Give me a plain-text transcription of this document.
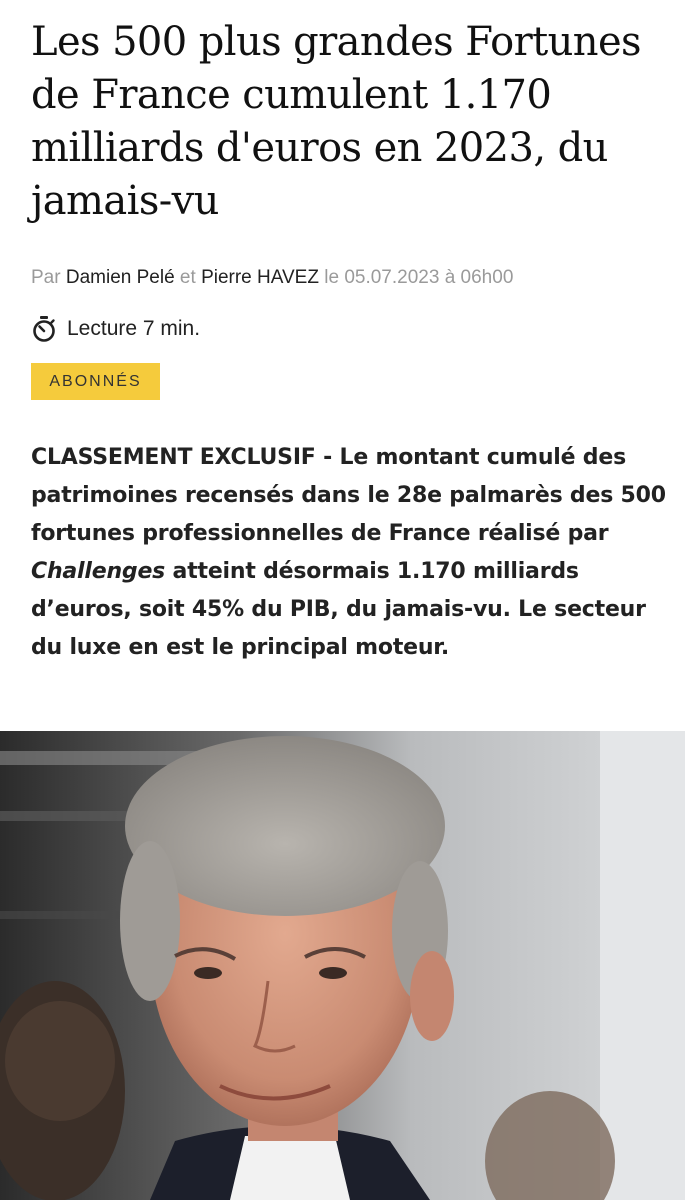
Les 500 plus grandes Fortunes de France cumulent 1.170 milliards d'euros en 2023, du jamais-vu
Par Damien Pelé et Pierre HAVEZ le 05.07.2023 à 06h00
Lecture 7 min.
ABONNÉS

CLASSEMENT EXCLUSIF - Le montant cumulé des patrimoines recensés dans le 28e palmarès des 500 fortunes professionnelles de France réalisé par Challenges atteint désormais 1.170 milliards d’euros, soit 45% du PIB, du jamais-vu. Le secteur du luxe en est le principal moteur.
